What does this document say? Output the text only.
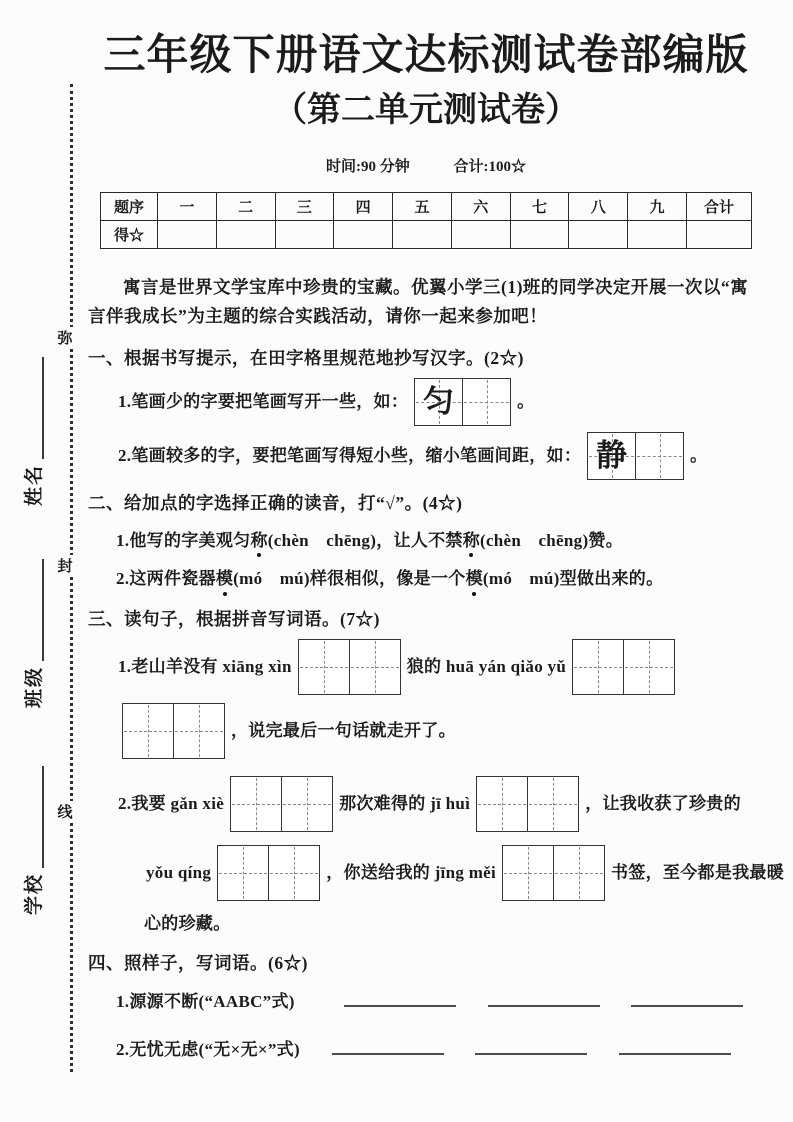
弥
封
线
姓名
班级
学校
三年级下册语文达标测试卷部编版
（第二单元测试卷）
时间:90 分钟	合计:100☆
题序	一	二	三	四	五	六	七	八	九	合计
得☆										

寓言是世界文学宝库中珍贵的宝藏。优翼小学三(1)班的同学决定开展一次以“寓言伴我成长”为主题的综合实践活动，请你一起来参加吧！

一、根据书写提示，在田字格里规范地抄写汉字。(2☆)
1.笔画少的字要把笔画写开一些，如： 匀	。
2.笔画较多的字，要把笔画写得短小些，缩小笔画间距，如： 静	。
二、给加点的字选择正确的读音，打“√”。(4☆)
1.他写的字美观匀称(chèn　chēng)，让人不禁称(chèn　chēng)赞。
2.这两件瓷器模(mó　mú)样很相似，像是一个模(mó　mú)型做出来的。
三、读句子，根据拼音写词语。(7☆)
1.老山羊没有 xiāng xìn	狼的 huā yán qiǎo yǔ
，说完最后一句话就走开了。
2.我要 gǎn xiè	那次难得的 jī huì	，让我收获了珍贵的
yǒu qíng	，你送给我的 jīng měi	书签，至今都是我最暖
心的珍藏。
四、照样子，写词语。(6☆)
1.源源不断(“AABC”式)
2.无忧无虑(“无×无×”式)
